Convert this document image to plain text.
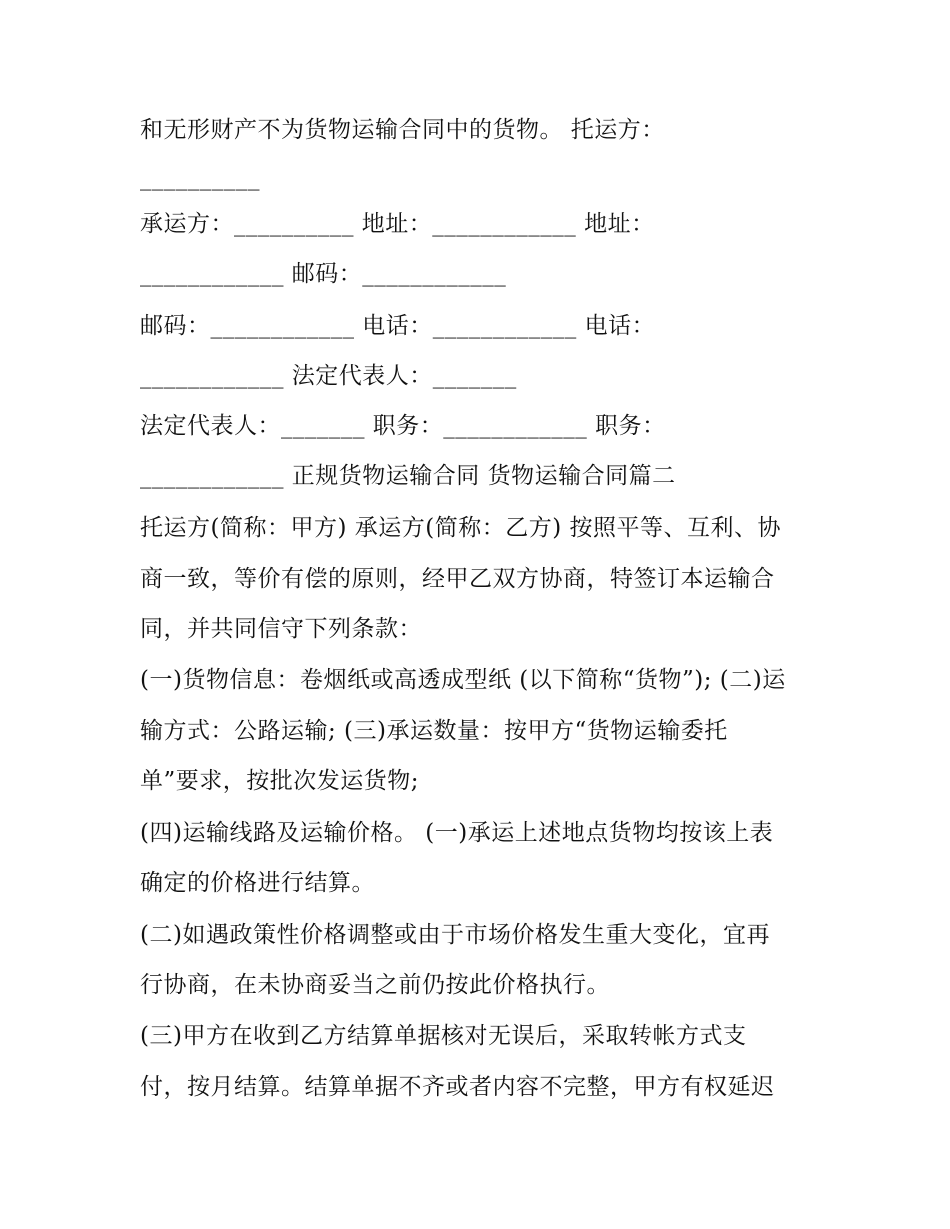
和无形财产不为货物运输合同中的货物。 托运方：
__________
承运方：__________ 地址：____________ 地址：
____________ 邮码：____________
邮码：____________ 电话：____________ 电话：
____________ 法定代表人：_______
法定代表人：_______ 职务：____________ 职务：
____________ 正规货物运输合同 货物运输合同篇二
托运方(简称：甲方) 承运方(简称：乙方) 按照平等、互利、协
商一致，等价有偿的原则，经甲乙双方协商，特签订本运输合
同，并共同信守下列条款：
(一)货物信息：卷烟纸或高透成型纸 (以下简称“货物”); (二)运
输方式：公路运输; (三)承运数量：按甲方“货物运输委托
单”要求，按批次发运货物;
(四)运输线路及运输价格。 (一)承运上述地点货物均按该上表
确定的价格进行结算。
(二)如遇政策性价格调整或由于市场价格发生重大变化，宜再
行协商，在未协商妥当之前仍按此价格执行。
(三)甲方在收到乙方结算单据核对无误后，采取转帐方式支
付，按月结算。结算单据不齐或者内容不完整，甲方有权延迟
